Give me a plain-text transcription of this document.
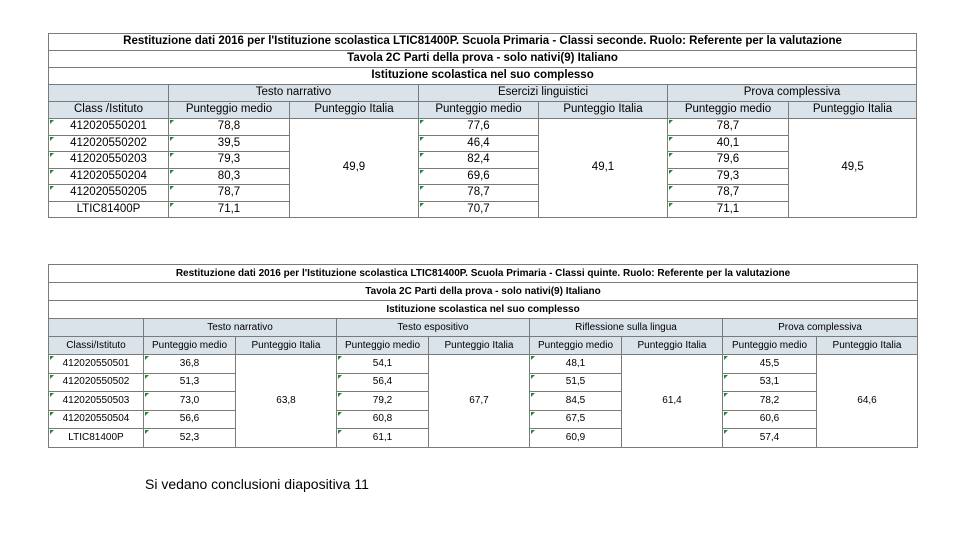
Restituzione dati 2016 per l'Istituzione scolastica LTIC81400P. Scuola Primaria - Classi seconde. Ruolo: Referente per la valutazione						
Tavola 2C Parti della prova - solo nativi(9) Italiano						
Istituzione scolastica nel suo complesso						
	Testo narrativo		Esercizi linguistici		Prova complessiva	
Class /Istituto	Punteggio medio	Punteggio Italia	Punteggio medio	Punteggio Italia	Punteggio medio	Punteggio Italia
412020550201	78,8	49,9	77,6	49,1	78,7	49,5
412020550202	39,5		46,4		40,1	
412020550203	79,3		82,4		79,6	
412020550204	80,3		69,6		79,3	
412020550205	78,7		78,7		78,7	
LTIC81400P	71,1		70,7		71,1	
Restituzione dati 2016 per l'Istituzione scolastica LTIC81400P. Scuola Primaria - Classi quinte. Ruolo: Referente per la valutazione								
Tavola 2C Parti della prova - solo nativi(9) Italiano								
Istituzione scolastica nel suo complesso								
	Testo narrativo		Testo espositivo		Riflessione sulla lingua		Prova complessiva	
Classi/Istituto	Punteggio medio	Punteggio Italia	Punteggio medio	Punteggio Italia	Punteggio medio	Punteggio Italia	Punteggio medio	Punteggio Italia
412020550501	36,8	63,8	54,1	67,7	48,1	61,4	45,5	64,6
412020550502	51,3		56,4		51,5		53,1	
412020550503	73,0		79,2		84,5		78,2	
412020550504	56,6		60,8		67,5		60,6	
LTIC81400P	52,3		61,1		60,9		57,4	
Si vedano conclusioni diapositiva 11
